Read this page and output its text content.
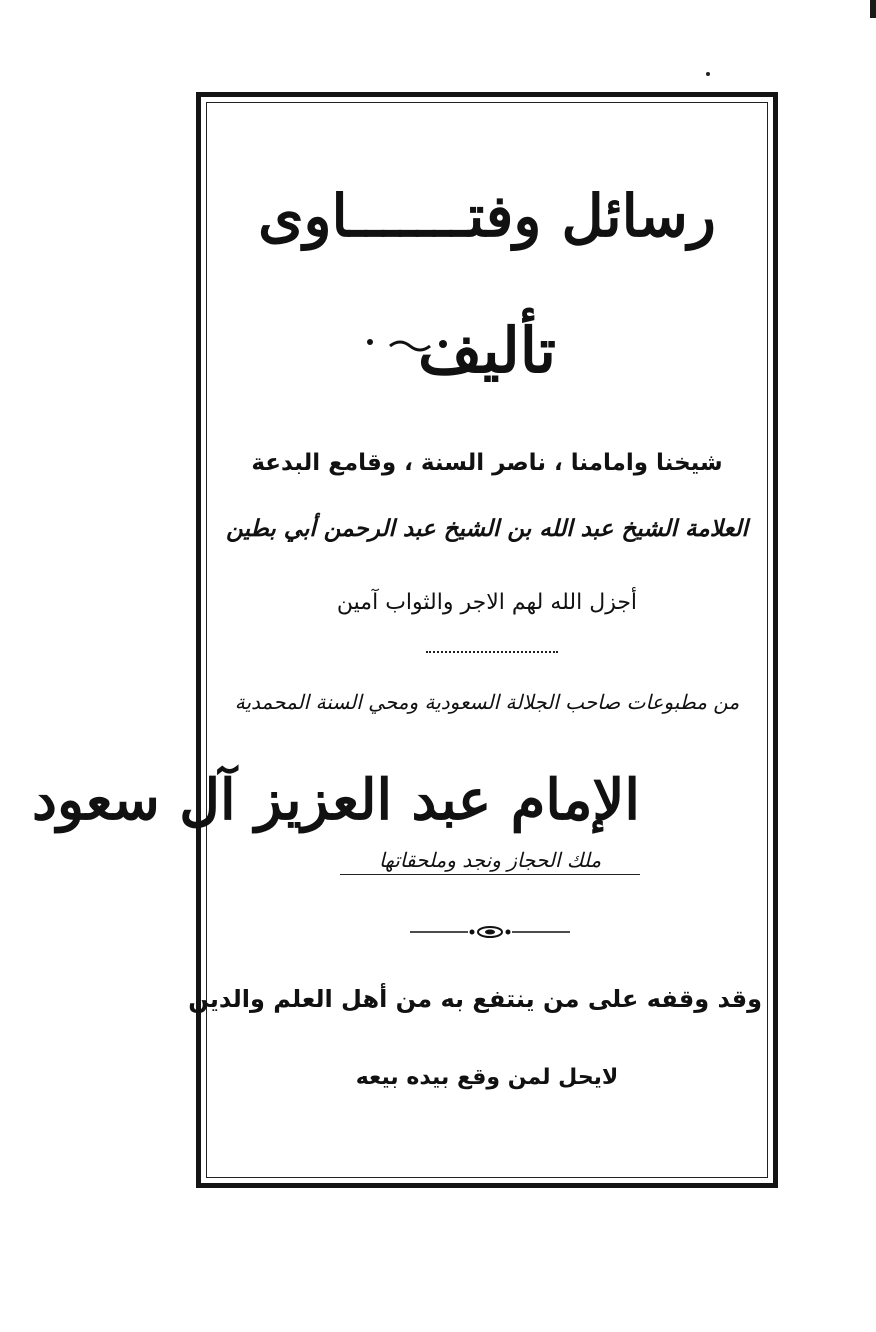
رسائل وفتـــــــاوى
تأليف
شيخنا وامامنا ، ناصر السنة ، وقامع البدعة
العلامة الشيخ عبد الله بن الشيخ عبد الرحمن أبي بطين
أجزل الله لهم الاجر والثواب آمين
من مطبوعات صاحب الجلالة السعودية ومحي السنة المحمدية
الإمام عبد العزيز آل سعود
ملك الحجاز ونجد وملحقاتها
وقد وقفه على من ينتفع به من أهل العلم والدين
لايحل لمن وقع بيده بيعه
